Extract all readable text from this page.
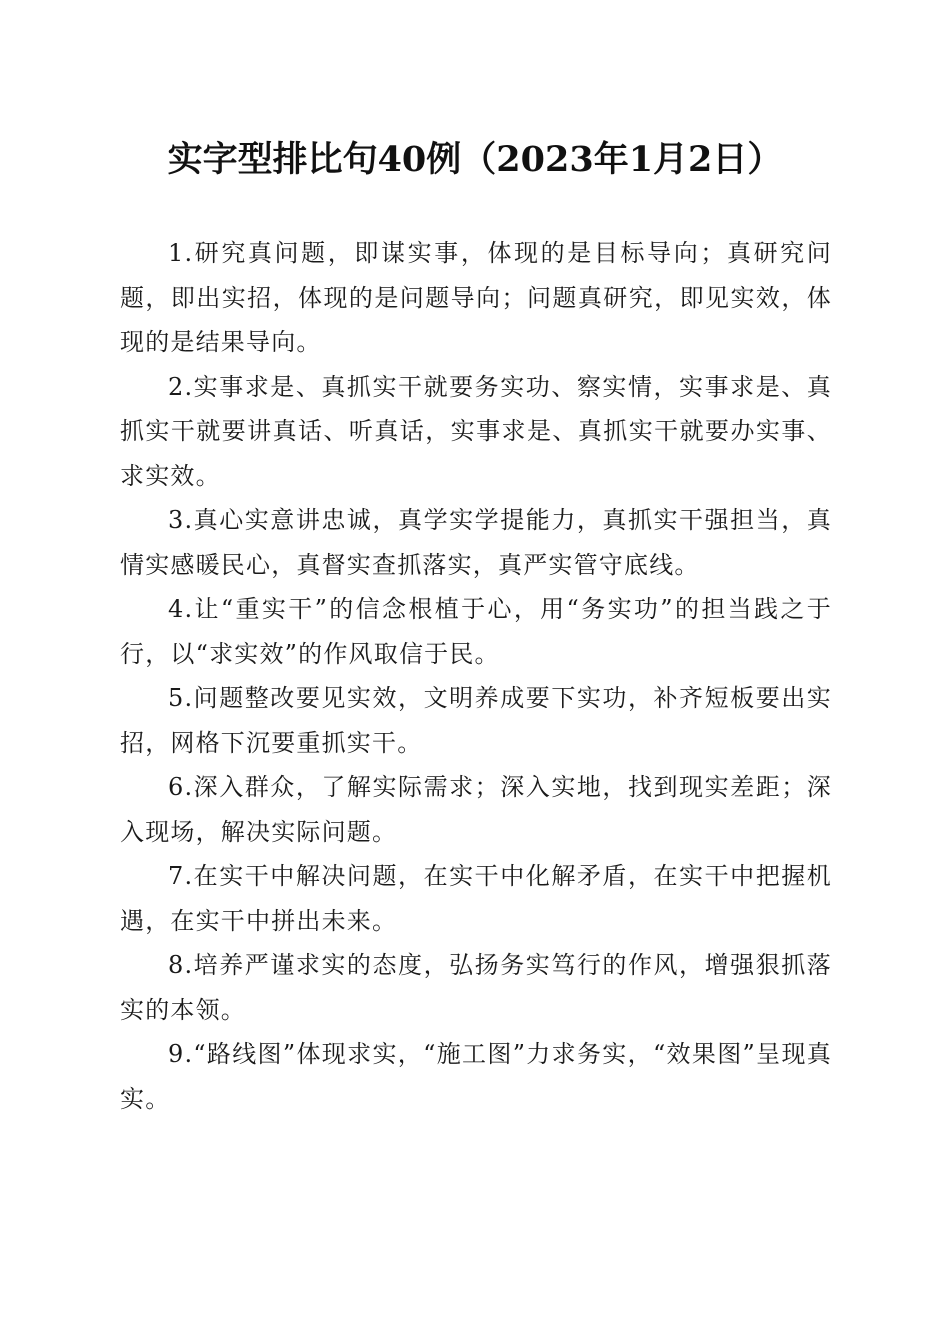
实字型排比句40例（2023年1月2日）

1.研究真问题，即谋实事，体现的是目标导向；真研究问题，即出实招，体现的是问题导向；问题真研究，即见实效，体现的是结果导向。

2.实事求是、真抓实干就要务实功、察实情，实事求是、真抓实干就要讲真话、听真话，实事求是、真抓实干就要办实事、求实效。

3.真心实意讲忠诚，真学实学提能力，真抓实干强担当，真情实感暖民心，真督实查抓落实，真严实管守底线。

4.让“重实干”的信念根植于心，用“务实功”的担当践之于行，以“求实效”的作风取信于民。

5.问题整改要见实效，文明养成要下实功，补齐短板要出实招，网格下沉要重抓实干。

6.深入群众，了解实际需求；深入实地，找到现实差距；深入现场，解决实际问题。

7.在实干中解决问题，在实干中化解矛盾，在实干中把握机遇，在实干中拼出未来。

8.培养严谨求实的态度，弘扬务实笃行的作风，增强狠抓落实的本领。

9.“路线图”体现求实，“施工图”力求务实，“效果图”呈现真实。
